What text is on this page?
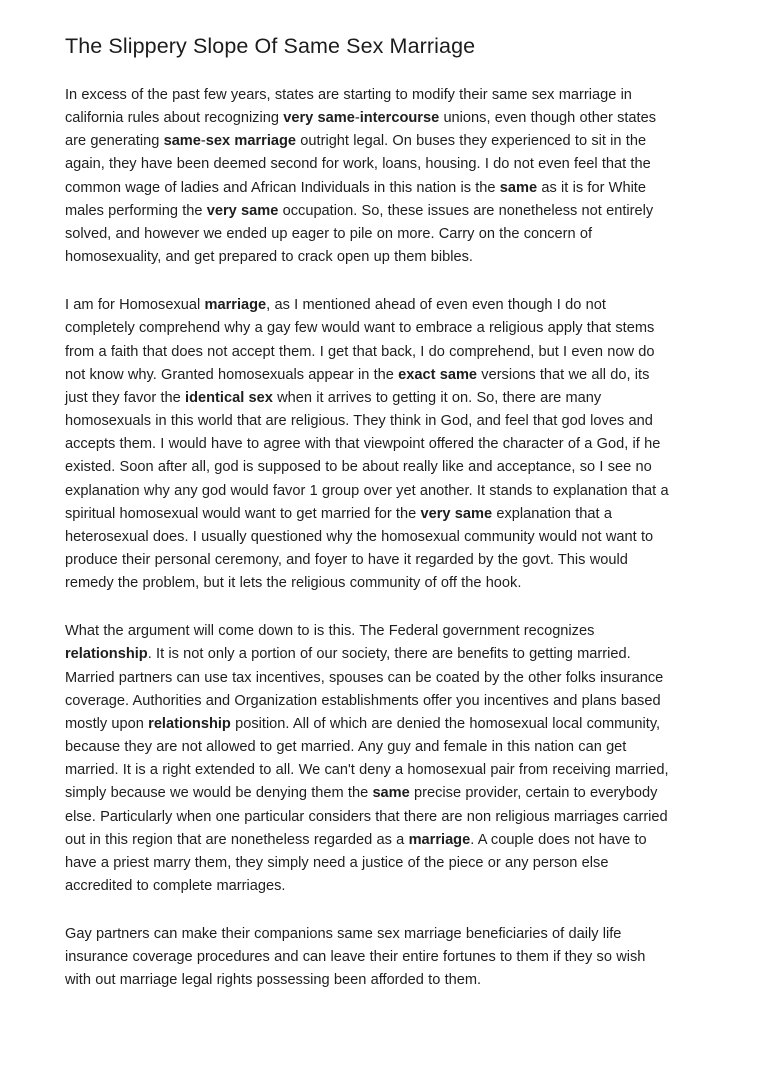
The Slippery Slope Of Same Sex Marriage

In excess of the past few years, states are starting to modify their same sex marriage in
california rules about recognizing very same-intercourse unions, even though other states
are generating same-sex marriage outright legal. On buses they experienced to sit in the
again, they have been deemed second for work, loans, housing. I do not even feel that the
common wage of ladies and African Individuals in this nation is the same as it is for White
males performing the very same occupation. So, these issues are nonetheless not entirely
solved, and however we ended up eager to pile on more. Carry on the concern of
homosexuality, and get prepared to crack open up them bibles.

I am for Homosexual marriage, as I mentioned ahead of even even though I do not
completely comprehend why a gay few would want to embrace a religious apply that stems
from a faith that does not accept them. I get that back, I do comprehend, but I even now do
not know why. Granted homosexuals appear in the exact same versions that we all do, its
just they favor the identical sex when it arrives to getting it on. So, there are many
homosexuals in this world that are religious. They think in God, and feel that god loves and
accepts them. I would have to agree with that viewpoint offered the character of a God, if he
existed. Soon after all, god is supposed to be about really like and acceptance, so I see no
explanation why any god would favor 1 group over yet another. It stands to explanation that a
spiritual homosexual would want to get married for the very same explanation that a
heterosexual does. I usually questioned why the homosexual community would not want to
produce their personal ceremony, and foyer to have it regarded by the govt. This would
remedy the problem, but it lets the religious community of off the hook.

What the argument will come down to is this. The Federal government recognizes
relationship. It is not only a portion of our society, there are benefits to getting married.
Married partners can use tax incentives, spouses can be coated by the other folks insurance
coverage. Authorities and Organization establishments offer you incentives and plans based
mostly upon relationship position. All of which are denied the homosexual local community,
because they are not allowed to get married. Any guy and female in this nation can get
married. It is a right extended to all. We can't deny a homosexual pair from receiving married,
simply because we would be denying them the same precise provider, certain to everybody
else. Particularly when one particular considers that there are non religious marriages carried
out in this region that are nonetheless regarded as a marriage. A couple does not have to
have a priest marry them, they simply need a justice of the piece or any person else
accredited to complete marriages.

Gay partners can make their companions same sex marriage beneficiaries of daily life
insurance coverage procedures and can leave their entire fortunes to them if they so wish
with out marriage legal rights possessing been afforded to them.
